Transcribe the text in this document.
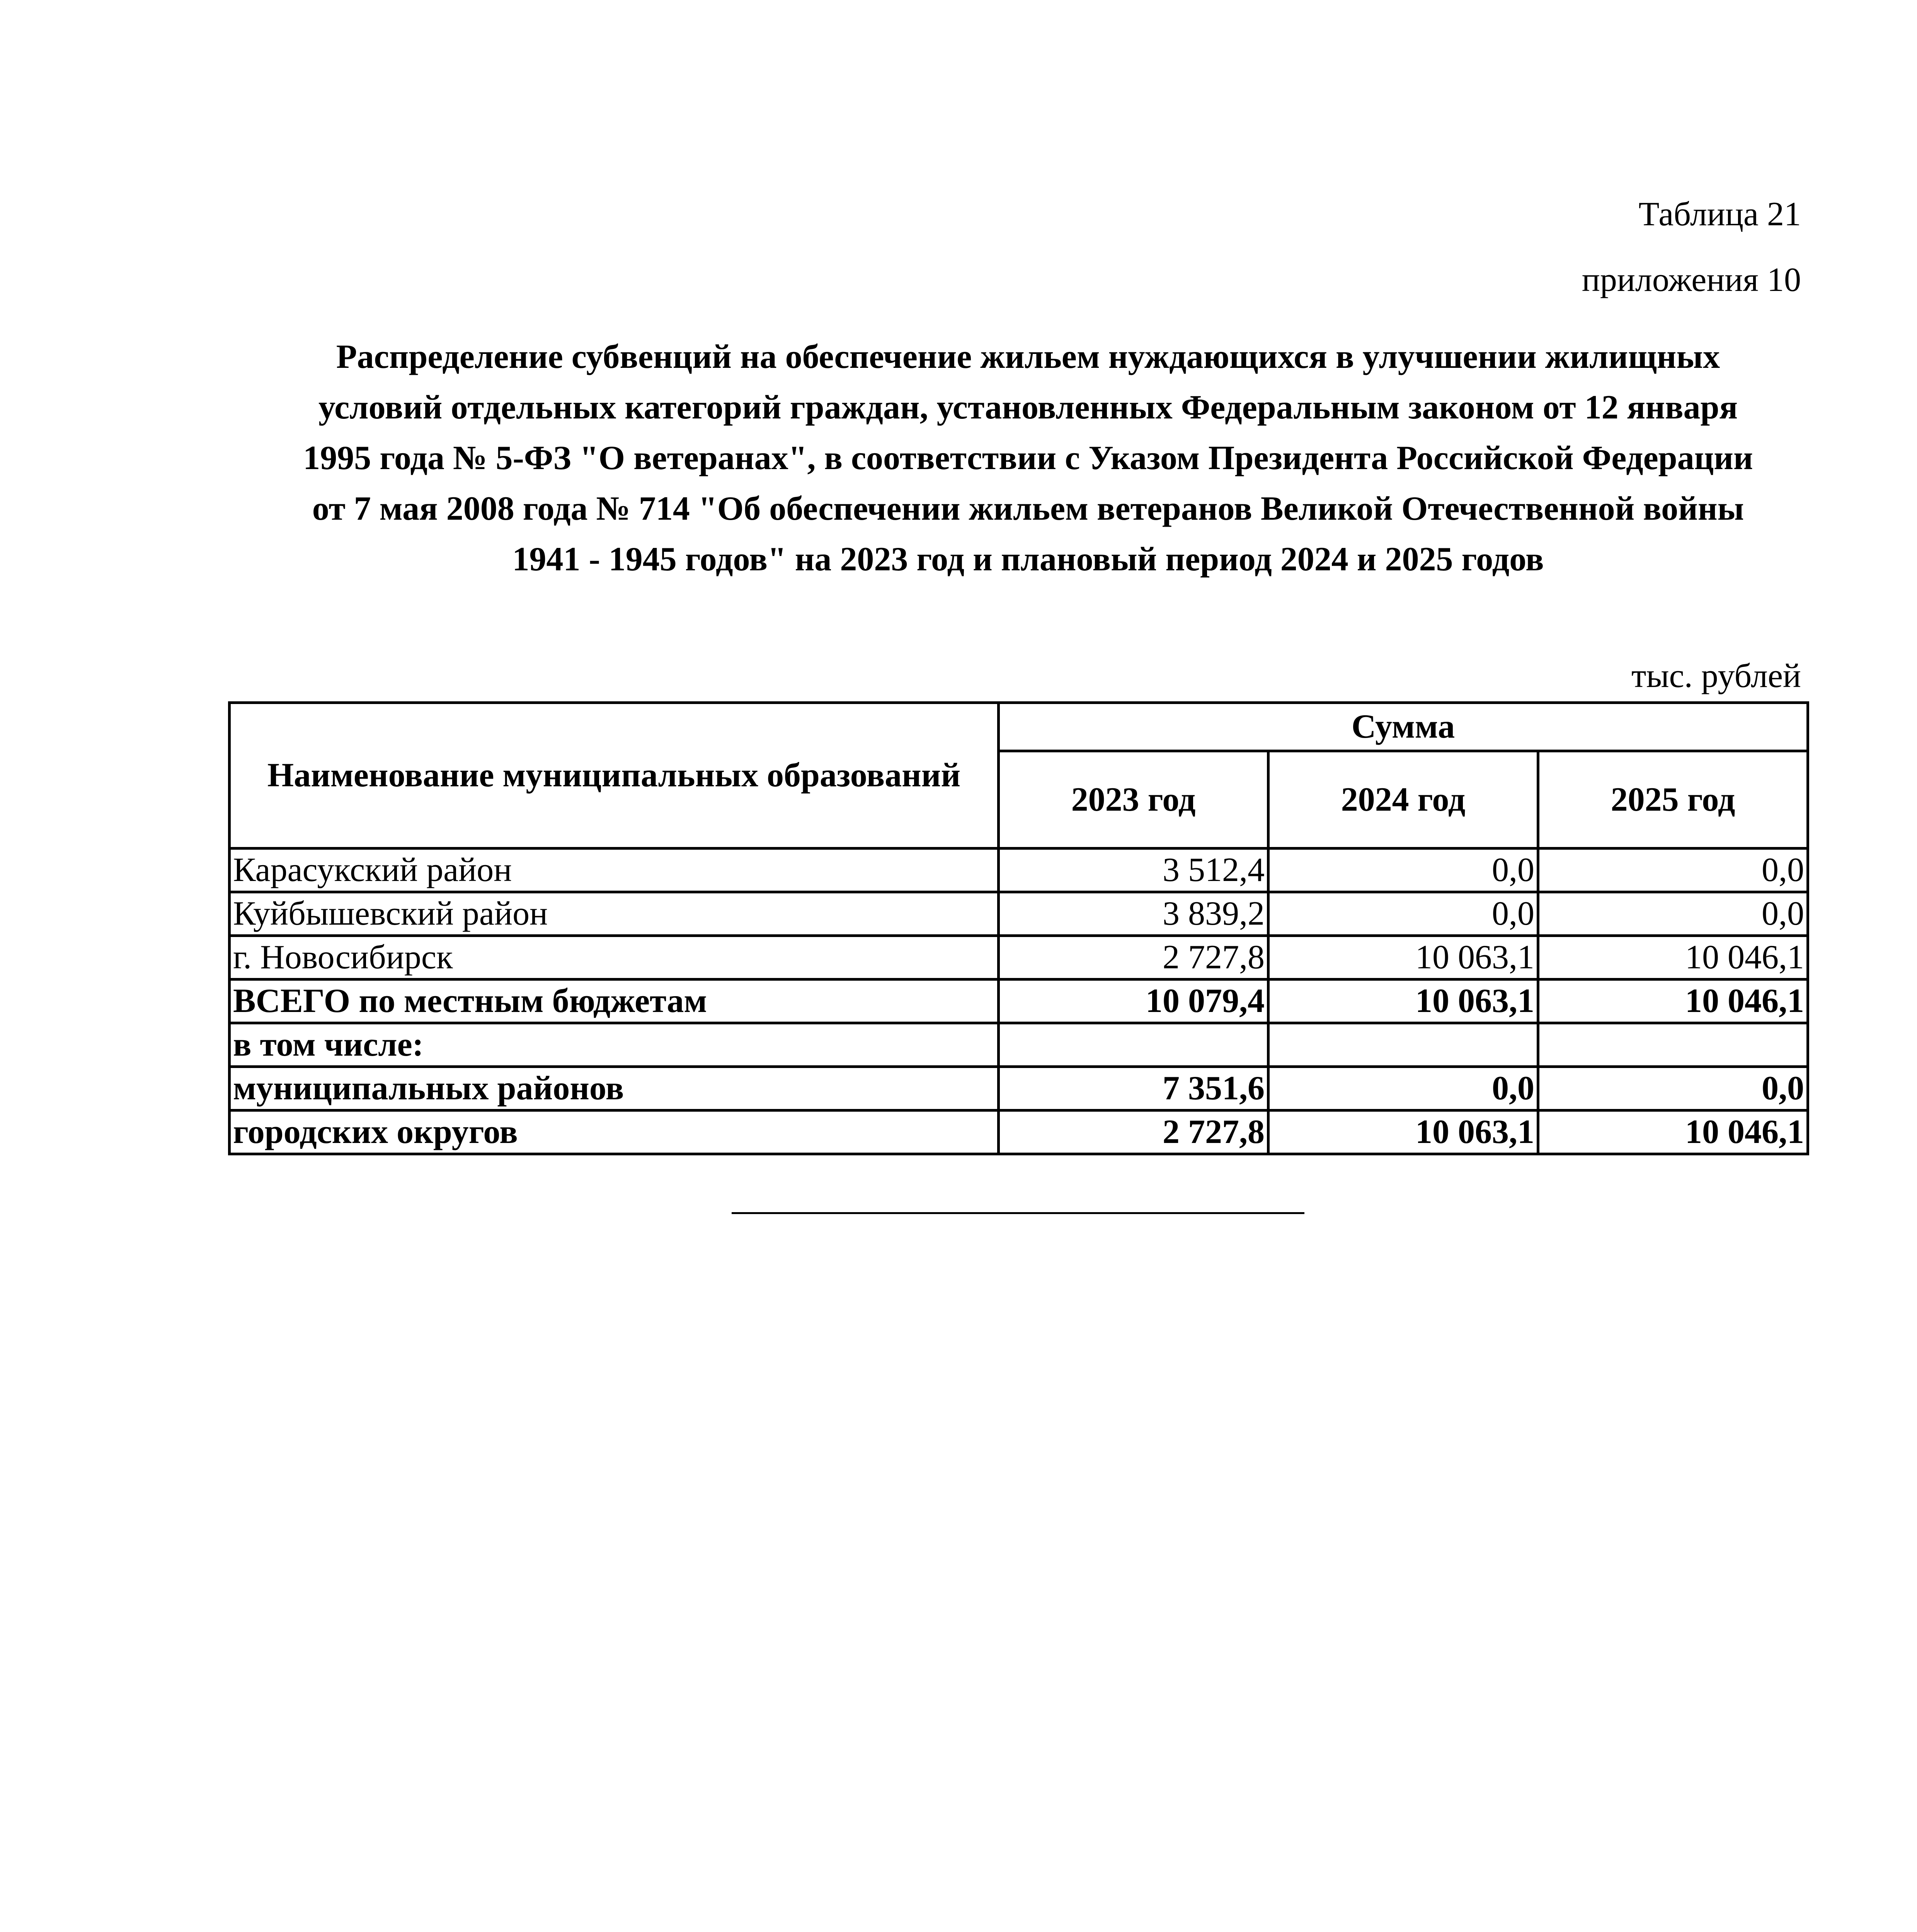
Таблица 21
приложения 10
Распределение субвенций на обеспечение жильем нуждающихся в улучшении жилищных
условий отдельных категорий граждан, установленных Федеральным законом от 12 января
1995 года № 5-ФЗ "О ветеранах", в соответствии с Указом Президента Российской Федерации
от 7 мая 2008 года № 714 "Об обеспечении жильем ветеранов Великой Отечественной войны
1941 - 1945 годов" на 2023 год и плановый период 2024 и 2025 годов
тыс. рублей
Наименование муниципальных образований	Сумма		
	2023 год	2024 год	2025 год
Карасукский район	3 512,4	0,0	0,0
Куйбышевский район	3 839,2	0,0	0,0
г. Новосибирск	2 727,8	10 063,1	10 046,1
ВСЕГО по местным бюджетам	10 079,4	10 063,1	10 046,1
в том числе:			
муниципальных районов	7 351,6	0,0	0,0
городских округов	2 727,8	10 063,1	10 046,1
